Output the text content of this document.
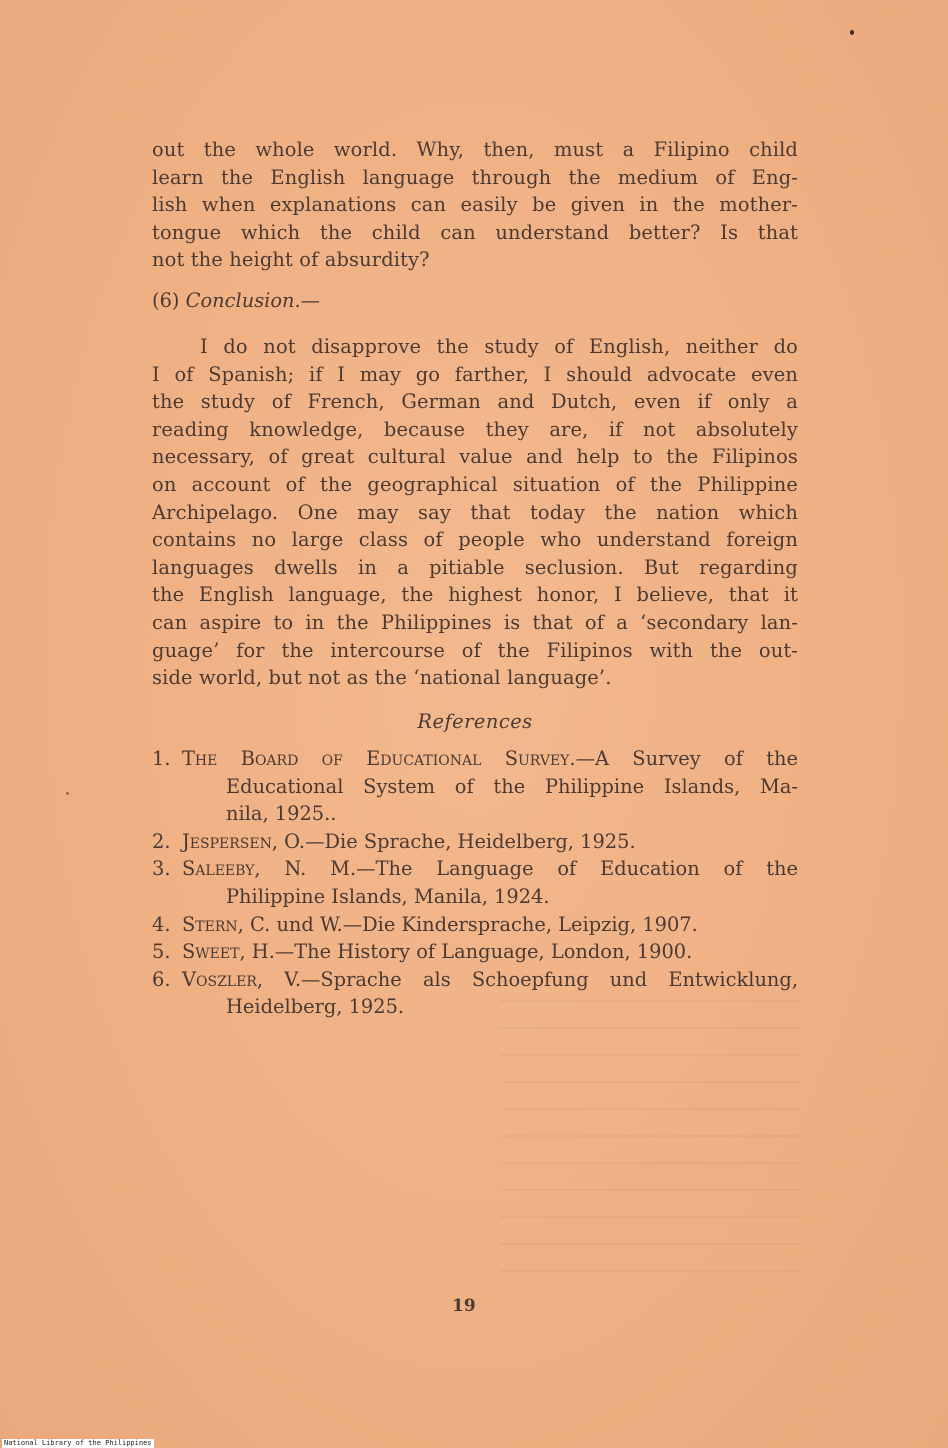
out the whole world. Why, then, must a Filipino child
learn the English language through the medium of Eng-
lish when explanations can easily be given in the mother-
tongue which the child can understand better? Is that
not the height of absurdity?
(6) Conclusion.—
I do not disapprove the study of English, neither do
I of Spanish; if I may go farther, I should advocate even
the study of French, German and Dutch, even if only a
reading knowledge, because they are, if not absolutely
necessary, of great cultural value and help to the Filipinos
on account of the geographical situation of the Philippine
Archipelago. One may say that today the nation which
contains no large class of people who understand foreign
languages dwells in a pitiable seclusion. But regarding
the English language, the highest honor, I believe, that it
can aspire to in the Philippines is that of a ‘secondary lan-
guage’ for the intercourse of the Filipinos with the out-
side world, but not as the ‘national language’.
References
1. The Board of Educational Survey.—A Survey of the
Educational System of the Philippine Islands, Ma-
nila, 1925..
2. Jespersen, O.—Die Sprache, Heidelberg, 1925.
3. Saleeby, N. M.—The Language of Education of the
Philippine Islands, Manila, 1924.
4. Stern, C. und W.—Die Kindersprache, Leipzig, 1907.
5. Sweet, H.—The History of Language, London, 1900.
6. Voszler, V.—Sprache als Schoepfung und Entwicklung,
Heidelberg, 1925.
19
National Library of the Philippines
